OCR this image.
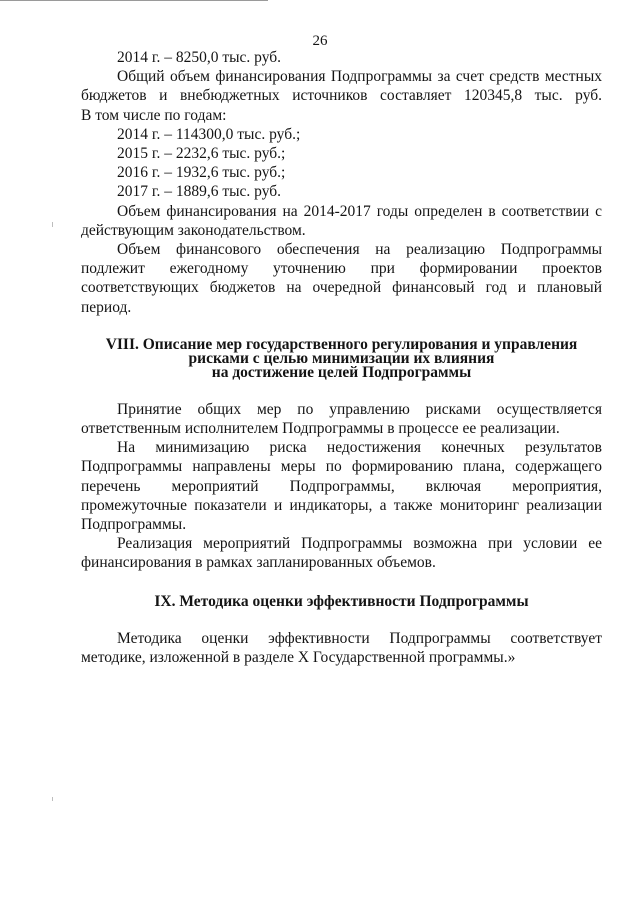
26
2014 г. – 8250,0 тыс. руб.
Общий объем финансирования Подпрограммы за счет средств местных
бюджетов и внебюджетных источников составляет 120345,8 тыс. руб.
В том числе по годам:
2014 г. – 114300,0 тыс. руб.;
2015 г. – 2232,6 тыс. руб.;
2016 г. – 1932,6 тыс. руб.;
2017 г. – 1889,6 тыс. руб.
Объем финансирования на 2014-2017 годы определен в соответствии с действующим законодательством.
Объем финансового обеспечения на реализацию Подпрограммы подлежит ежегодному уточнению при формировании проектов соответствующих бюджетов на очередной финансовый год и плановый период.
VIII. Описание мер государственного регулирования и управления
рисками с целью минимизации их влияния
на достижение целей Подпрограммы
Принятие общих мер по управлению рисками осуществляется ответственным исполнителем Подпрограммы в процессе ее реализации.
На минимизацию риска недостижения конечных результатов Подпрограммы направлены меры по формированию плана, содержащего перечень мероприятий Подпрограммы, включая мероприятия, промежуточные показатели и индикаторы, а также мониторинг реализации Подпрограммы.
Реализация мероприятий Подпрограммы возможна при условии ее финансирования в рамках запланированных объемов.
IX. Методика оценки эффективности Подпрограммы
Методика оценки эффективности Подпрограммы соответствует методике, изложенной в разделе Х Государственной программы.»
